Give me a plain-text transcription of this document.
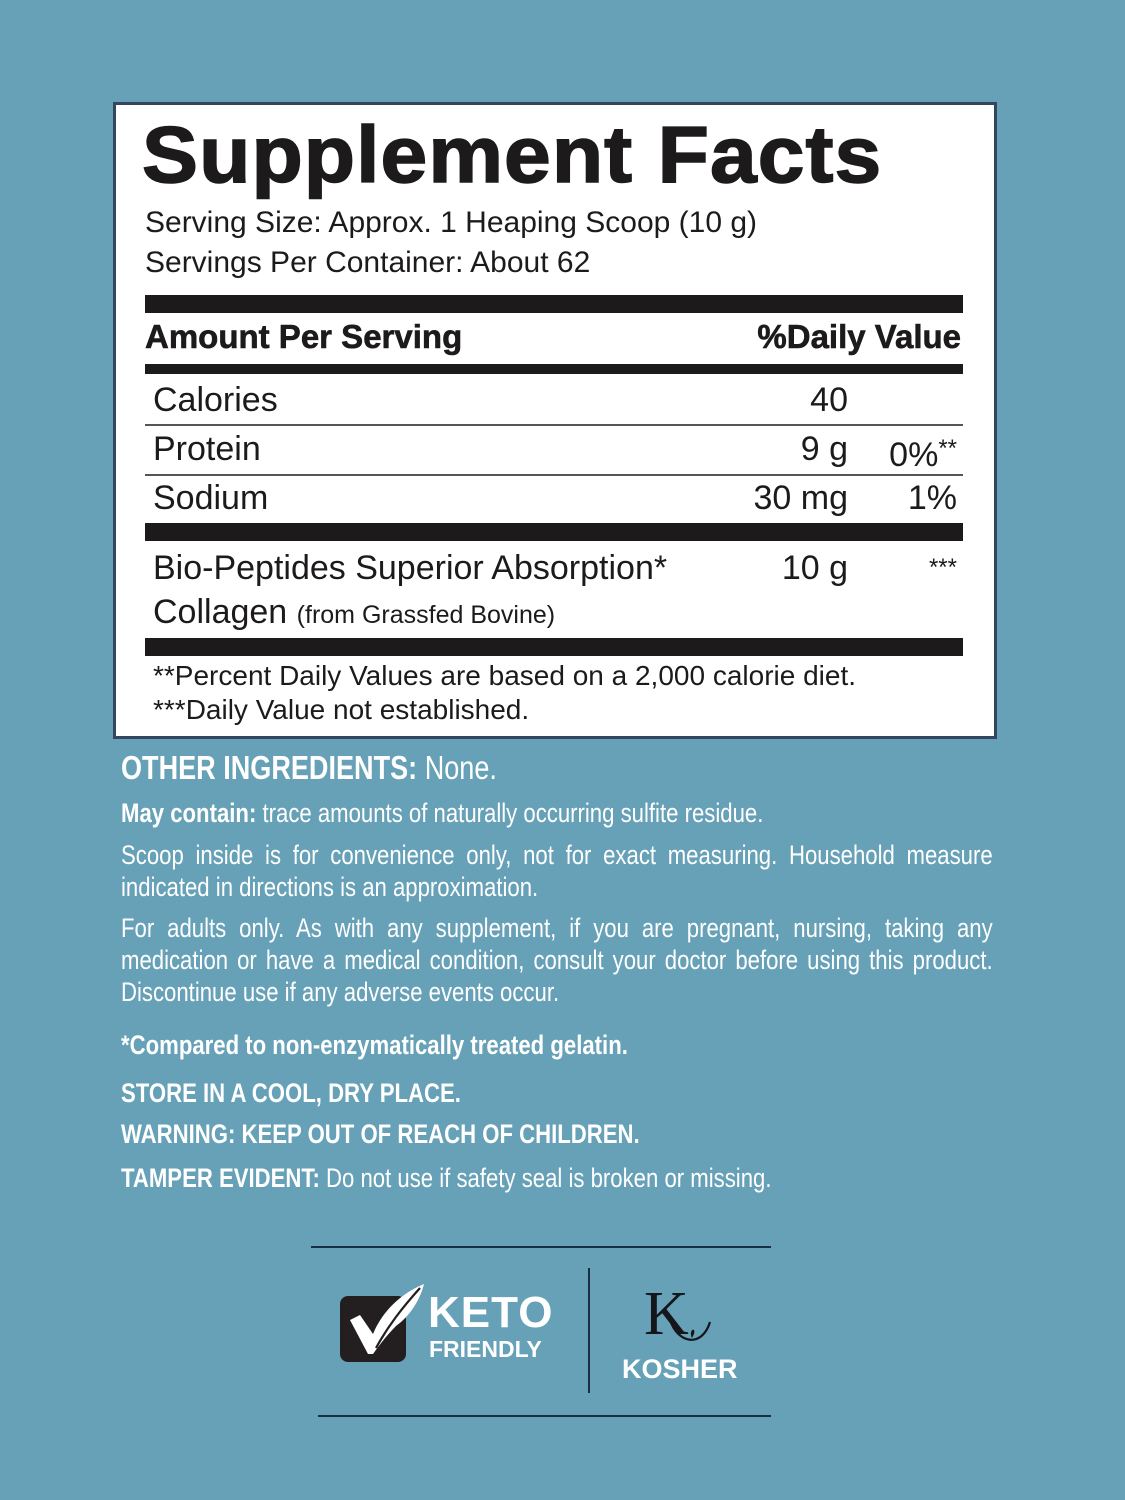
Supplement Facts
Serving Size: Approx. 1 Heaping Scoop (10 g)
Servings Per Container: About 62
Amount Per Serving	%Daily Value
Calories	40
Protein	9 g 0%**
Sodium	30 mg 1%
Bio-Peptides Superior Absorption*	10 g	***
Collagen (from Grassfed Bovine)
**Percent Daily Values are based on a 2,000 calorie diet.
***Daily Value not established.
OTHER INGREDIENTS: None.
May contain: trace amounts of naturally occurring sulfite residue.
Scoop inside is for convenience only, not for exact measuring. Household measure indicated in directions is an approximation.
For adults only. As with any supplement, if you are pregnant, nursing, taking any medication or have a medical condition, consult your doctor before using this product. Discontinue use if any adverse events occur.
*Compared to non-enzymatically treated gelatin.
STORE IN A COOL, DRY PLACE.
WARNING: KEEP OUT OF REACH OF CHILDREN.
TAMPER EVIDENT: Do not use if safety seal is broken or missing.
KETO
FRIENDLY
K
KOSHER
